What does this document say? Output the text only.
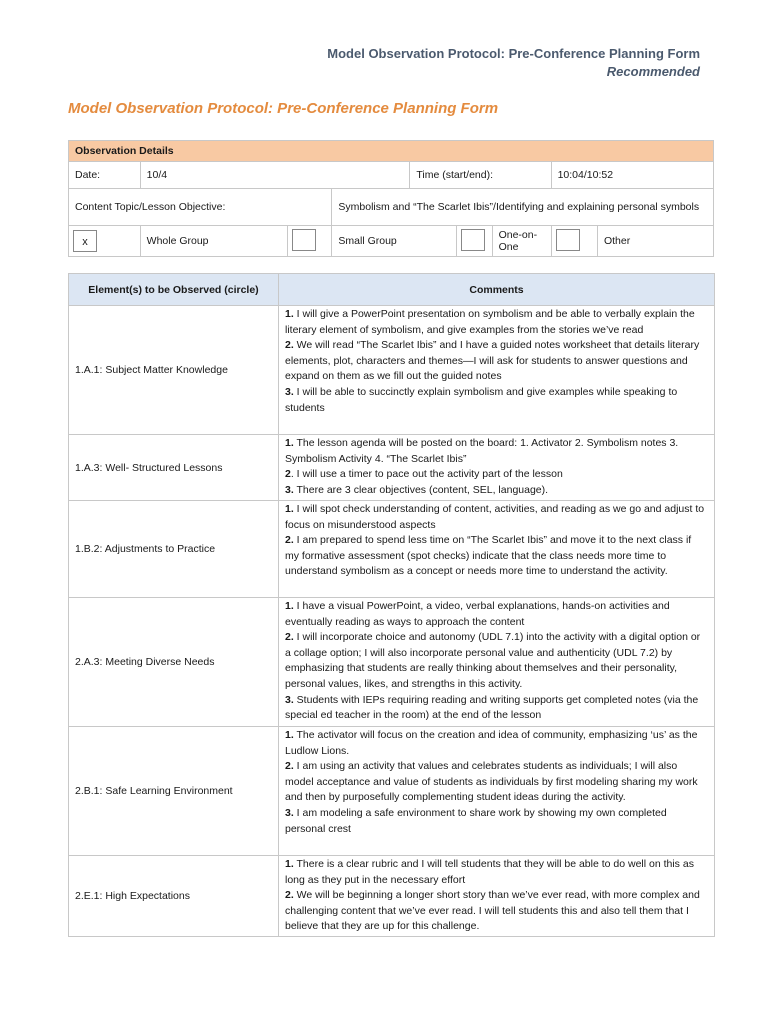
Model Observation Protocol: Pre-Conference Planning Form
Recommended
Model Observation Protocol: Pre-Conference Planning Form
Observation Details								
Date:	10/4			Time (start/end):			10:04/10:52	
Content Topic/Lesson Objective:			Symbolism and “The Scarlet Ibis”/Identifying and explaining personal symbols					
x	Whole Group		Small Group			One-on-One		Other
Element(s) to be Observed (circle)	Comments
1.A.1: Subject Matter Knowledge	1. I will give a PowerPoint presentation on symbolism and be able to verbally explain the literary element of symbolism, and give examples from the stories we’ve read
2. We will read “The Scarlet Ibis” and I have a guided notes worksheet that details literary elements, plot, characters and themes—I will ask for students to answer questions and expand on them as we fill out the guided notes
3. I will be able to succinctly explain symbolism and give examples while speaking to students
1.A.3: Well- Structured Lessons	1. The lesson agenda will be posted on the board: 1. Activator 2. Symbolism notes 3. Symbolism Activity 4. “The Scarlet Ibis”
2. I will use a timer to pace out the activity part of the lesson
3. There are 3 clear objectives (content, SEL, language).
1.B.2: Adjustments to Practice	1. I will spot check understanding of content, activities, and reading as we go and adjust to focus on misunderstood aspects
2. I am prepared to spend less time on “The Scarlet Ibis” and move it to the next class if my formative assessment (spot checks) indicate that the class needs more time to understand symbolism as a concept or needs more time to understand the activity.
2.A.3: Meeting Diverse Needs	1. I have a visual PowerPoint, a video, verbal explanations, hands-on activities and eventually reading as ways to approach the content
2. I will incorporate choice and autonomy (UDL 7.1) into the activity with a digital option or a collage option; I will also incorporate personal value and authenticity (UDL 7.2) by emphasizing that students are really thinking about themselves and their personality, personal values, likes, and strengths in this activity.
3. Students with IEPs requiring reading and writing supports get completed notes (via the special ed teacher in the room) at the end of the lesson
2.B.1: Safe Learning Environment	1. The activator will focus on the creation and idea of community, emphasizing ‘us’ as the Ludlow Lions.
2. I am using an activity that values and celebrates students as individuals; I will also model acceptance and value of students as individuals by first modeling sharing my work and then by purposefully complementing student ideas during the activity.
3. I am modeling a safe environment to share work by showing my own completed personal crest
2.E.1: High Expectations	1. There is a clear rubric and I will tell students that they will be able to do well on this as long as they put in the necessary effort
2. We will be beginning a longer short story than we’ve ever read, with more complex and challenging content that we’ve ever read. I will tell students this and also tell them that I believe that they are up for this challenge.
